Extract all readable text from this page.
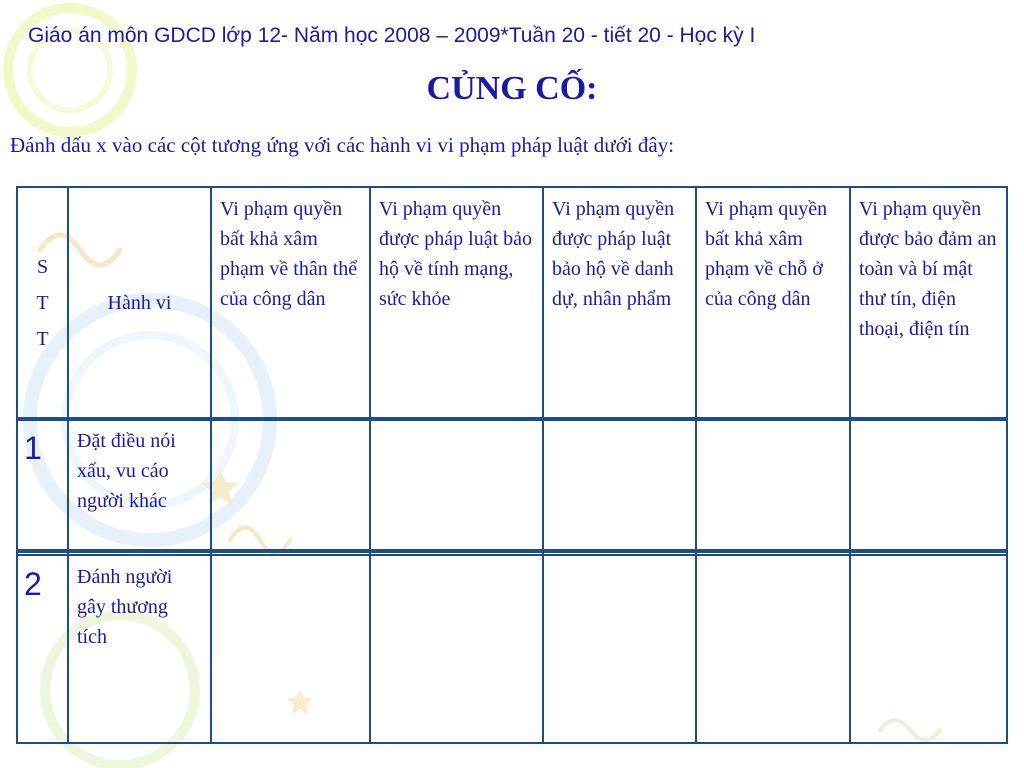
Giáo án môn GDCD lớp 12- Năm học 2008 – 2009*Tuần 20 - tiết 20 - Học kỳ I
CỦNG CỐ:
Đánh dấu x vào các cột tương ứng với các hành vi vi phạm pháp luật dưới đây:
S
T
T	Hành vi	Vi phạm quyền bất khả xâm phạm về thân thể của công dân	Vi phạm quyền được pháp luật bảo hộ về tính mạng, sức khỏe	Vi phạm quyền được pháp luật bảo hộ về danh dự, nhân phẩm	Vi phạm quyền bất khả xâm phạm về chỗ ở của công dân	Vi phạm quyền được bảo đảm an toàn và bí mật thư tín, điện thoại, điện tín
1	Đặt điều nói xấu, vu cáo người khác					
2	Đánh người gây thương tích					
